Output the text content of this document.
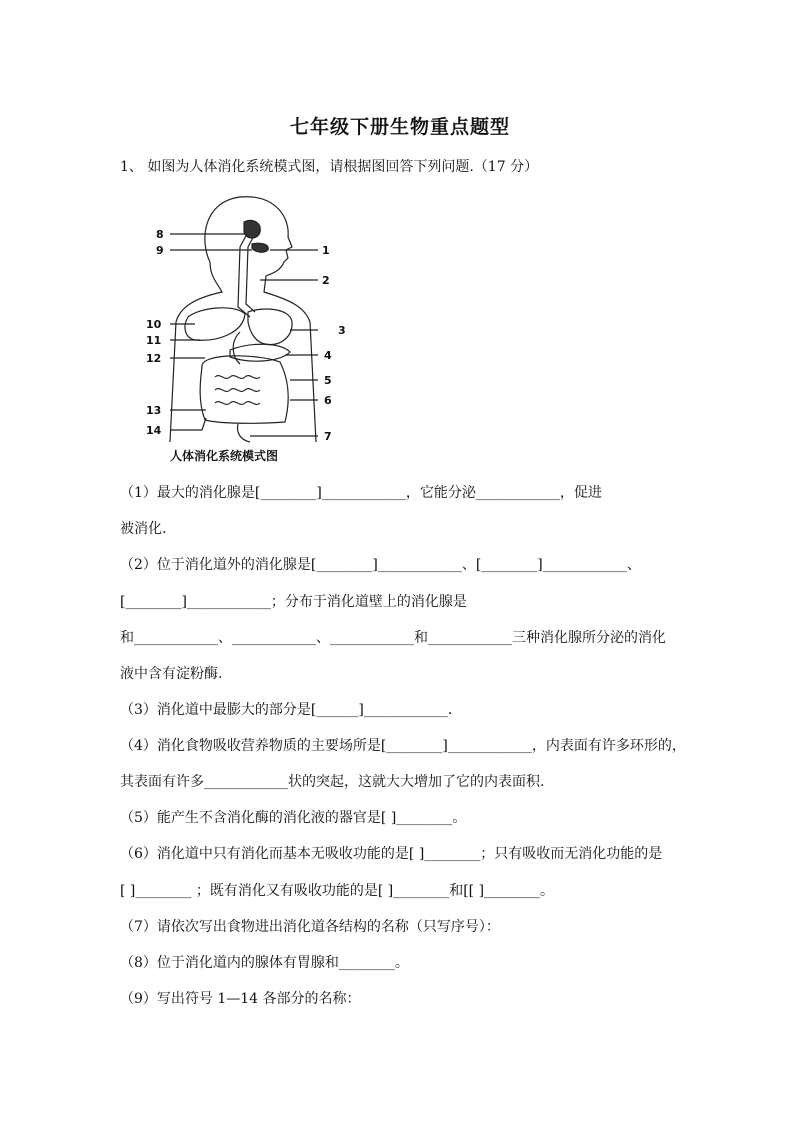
七年级下册生物重点题型
1、 如图为人体消化系统模式图，请根据图回答下列问题.（17 分）
1
2
3
4
5
6
7
8
9
10
11
12
13
14
人体消化系统模式图
（1）最大的消化腺是[________]____________，它能分泌____________，促进
被消化.
（2）位于消化道外的消化腺是[________]____________、[________]____________、
[________]____________；分布于消化道壁上的消化腺是
和____________、____________、____________和____________三种消化腺所分泌的消化
液中含有淀粉酶.
（3）消化道中最膨大的部分是[______]____________.
（4）消化食物吸收营养物质的主要场所是[________]____________，内表面有许多环形的，
其表面有许多____________状的突起，这就大大增加了它的内表面积.
（5）能产生不含消化酶的消化液的器官是[ ]________。
（6）消化道中只有消化而基本无吸收功能的是[ ]________；只有吸收而无消化功能的是
[ ]________ ；既有消化又有吸收功能的是[ ]________和[[ ]________。
（7）请依次写出食物进出消化道各结构的名称（只写序号）：
（8）位于消化道内的腺体有胃腺和________。
（9）写出符号 1—14 各部分的名称：
